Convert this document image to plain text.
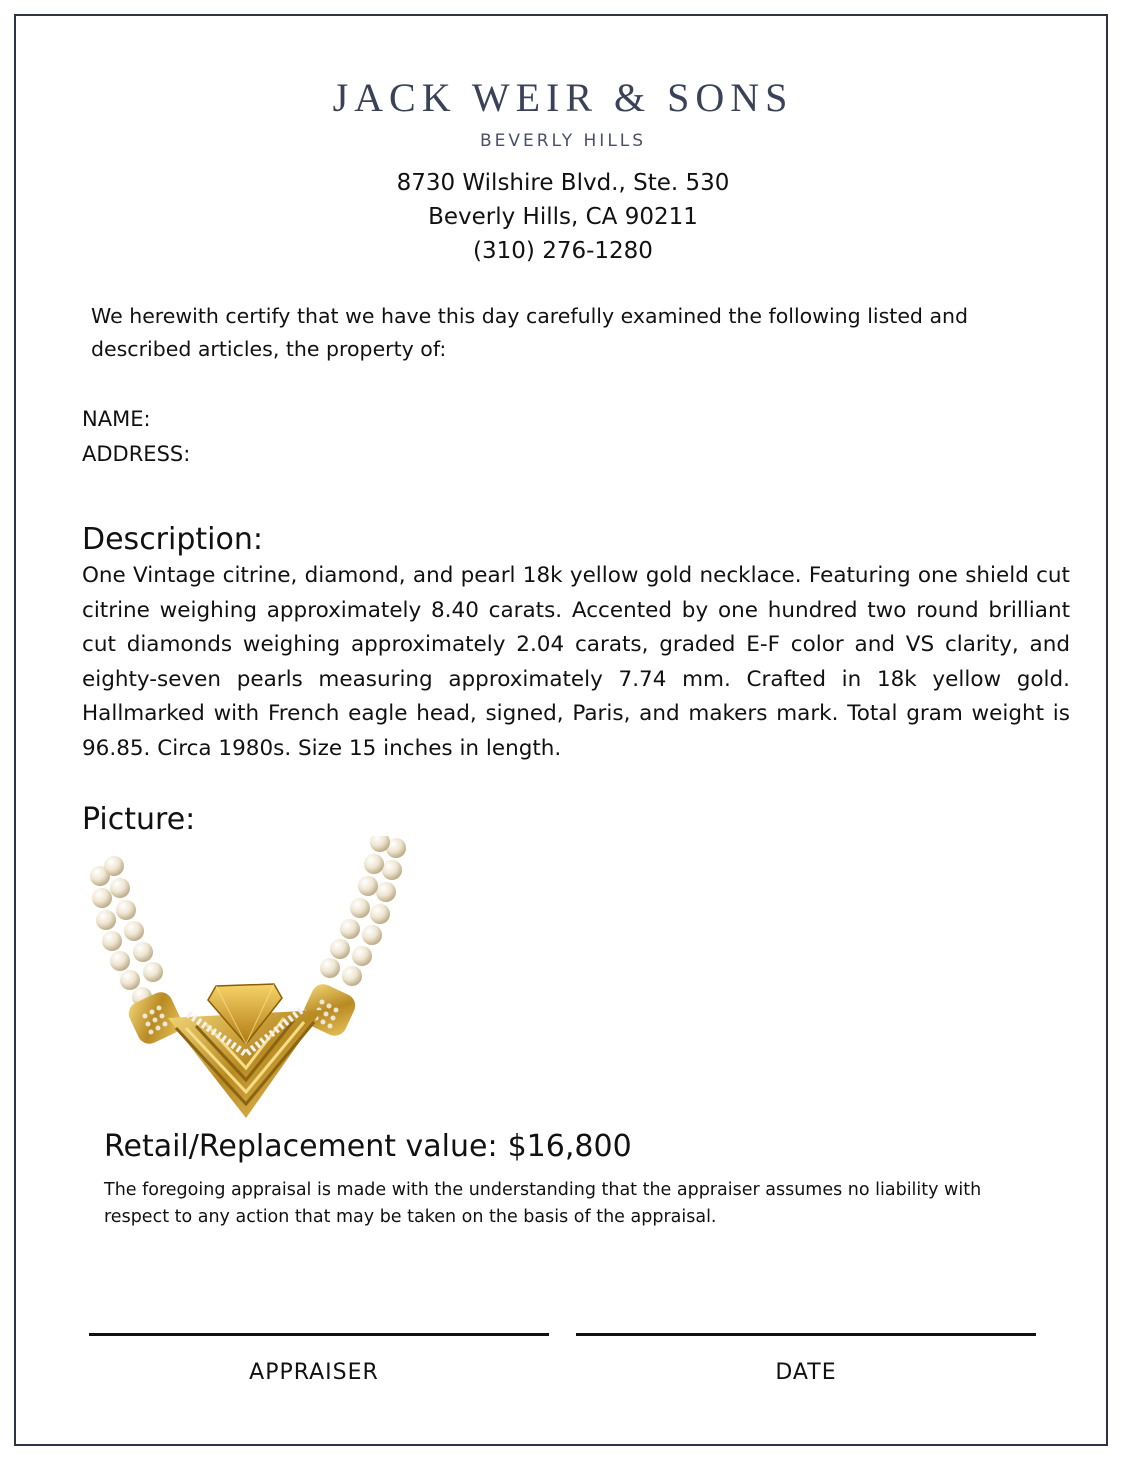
JACK WEIR & SONS
BEVERLY HILLS
8730 Wilshire Blvd., Ste. 530
Beverly Hills, CA 90211
(310) 276-1280
We herewith certify that we have this day carefully examined the following listed and described articles, the property of:
NAME:
ADDRESS:
Description:
One Vintage citrine, diamond, and pearl 18k yellow gold necklace. Featuring one shield cut citrine weighing approximately 8.40 carats. Accented by one hundred two round brilliant cut diamonds weighing approximately 2.04 carats, graded E-F color and VS clarity, and eighty-seven pearls measuring approximately 7.74 mm. Crafted in 18k yellow gold. Hallmarked with French eagle head, signed, Paris, and makers mark. Total gram weight is 96.85. Circa 1980s. Size 15 inches in length.
Picture:
Retail/Replacement value: $16,800
The foregoing appraisal is made with the understanding that the appraiser assumes no liability with respect to any action that may be taken on the basis of the appraisal.
APPRAISER	DATE
